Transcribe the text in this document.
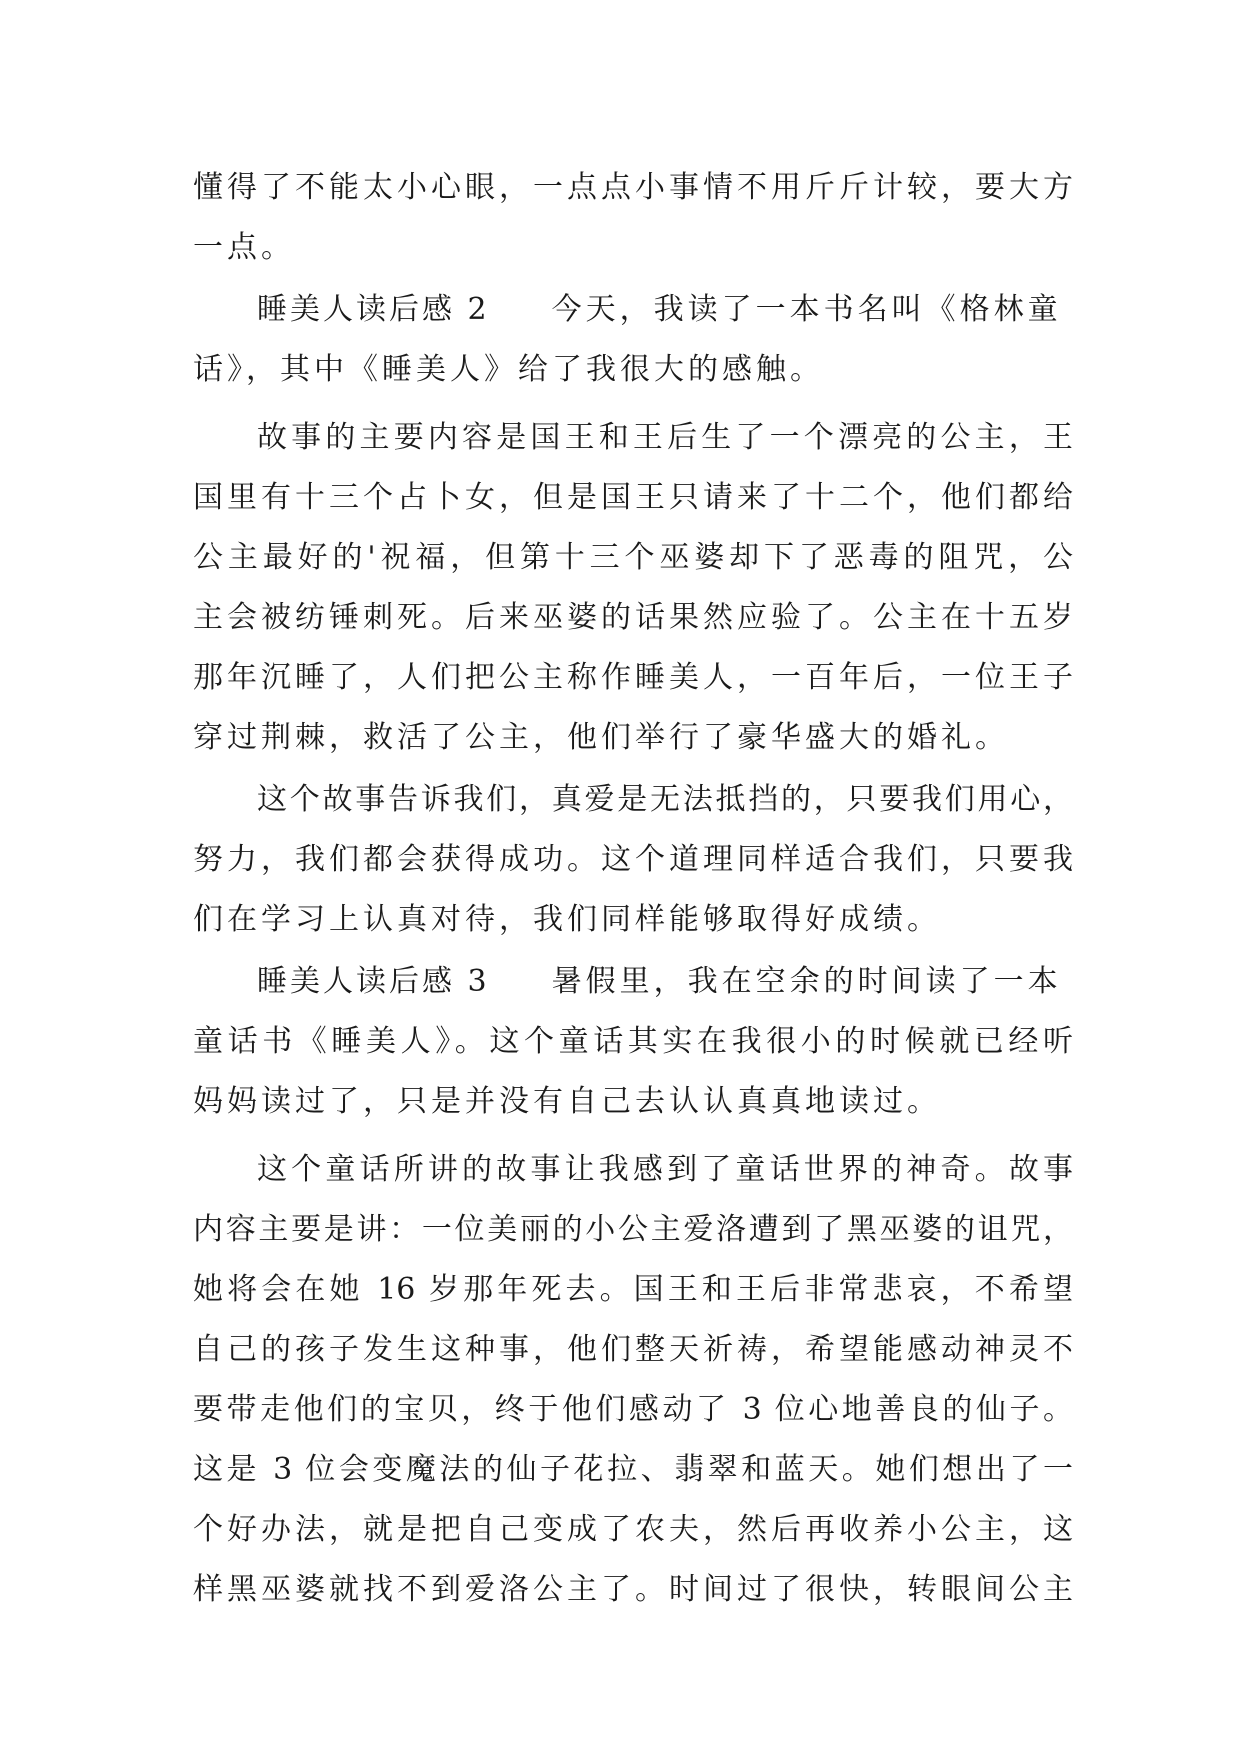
懂得了不能太小心眼，一点点小事情不用斤斤计较，要大方
一点。
睡美人读后感 2 今天，我读了一本书名叫《格林童
话》，其中《睡美人》给了我很大的感触。
故事的主要内容是国王和王后生了一个漂亮的公主，王
国里有十三个占卜女，但是国王只请来了十二个，他们都给
公主最好的'祝福，但第十三个巫婆却下了恶毒的阻咒，公
主会被纺锤刺死。后来巫婆的话果然应验了。公主在十五岁
那年沉睡了，人们把公主称作睡美人，一百年后，一位王子
穿过荆棘，救活了公主，他们举行了豪华盛大的婚礼。
这个故事告诉我们，真爱是无法抵挡的，只要我们用心，
努力，我们都会获得成功。这个道理同样适合我们，只要我
们在学习上认真对待，我们同样能够取得好成绩。
睡美人读后感 3 暑假里，我在空余的时间读了一本
童话书《睡美人》。这个童话其实在我很小的时候就已经听
妈妈读过了，只是并没有自己去认认真真地读过。
这个童话所讲的故事让我感到了童话世界的神奇。故事
内容主要是讲：一位美丽的小公主爱洛遭到了黑巫婆的诅咒，
她将会在她 16 岁那年死去。国王和王后非常悲哀，不希望
自己的孩子发生这种事，他们整天祈祷，希望能感动神灵不
要带走他们的宝贝，终于他们感动了 3 位心地善良的仙子。
这是 3 位会变魔法的仙子花拉、翡翠和蓝天。她们想出了一
个好办法，就是把自己变成了农夫，然后再收养小公主，这
样黑巫婆就找不到爱洛公主了。时间过了很快，转眼间公主
